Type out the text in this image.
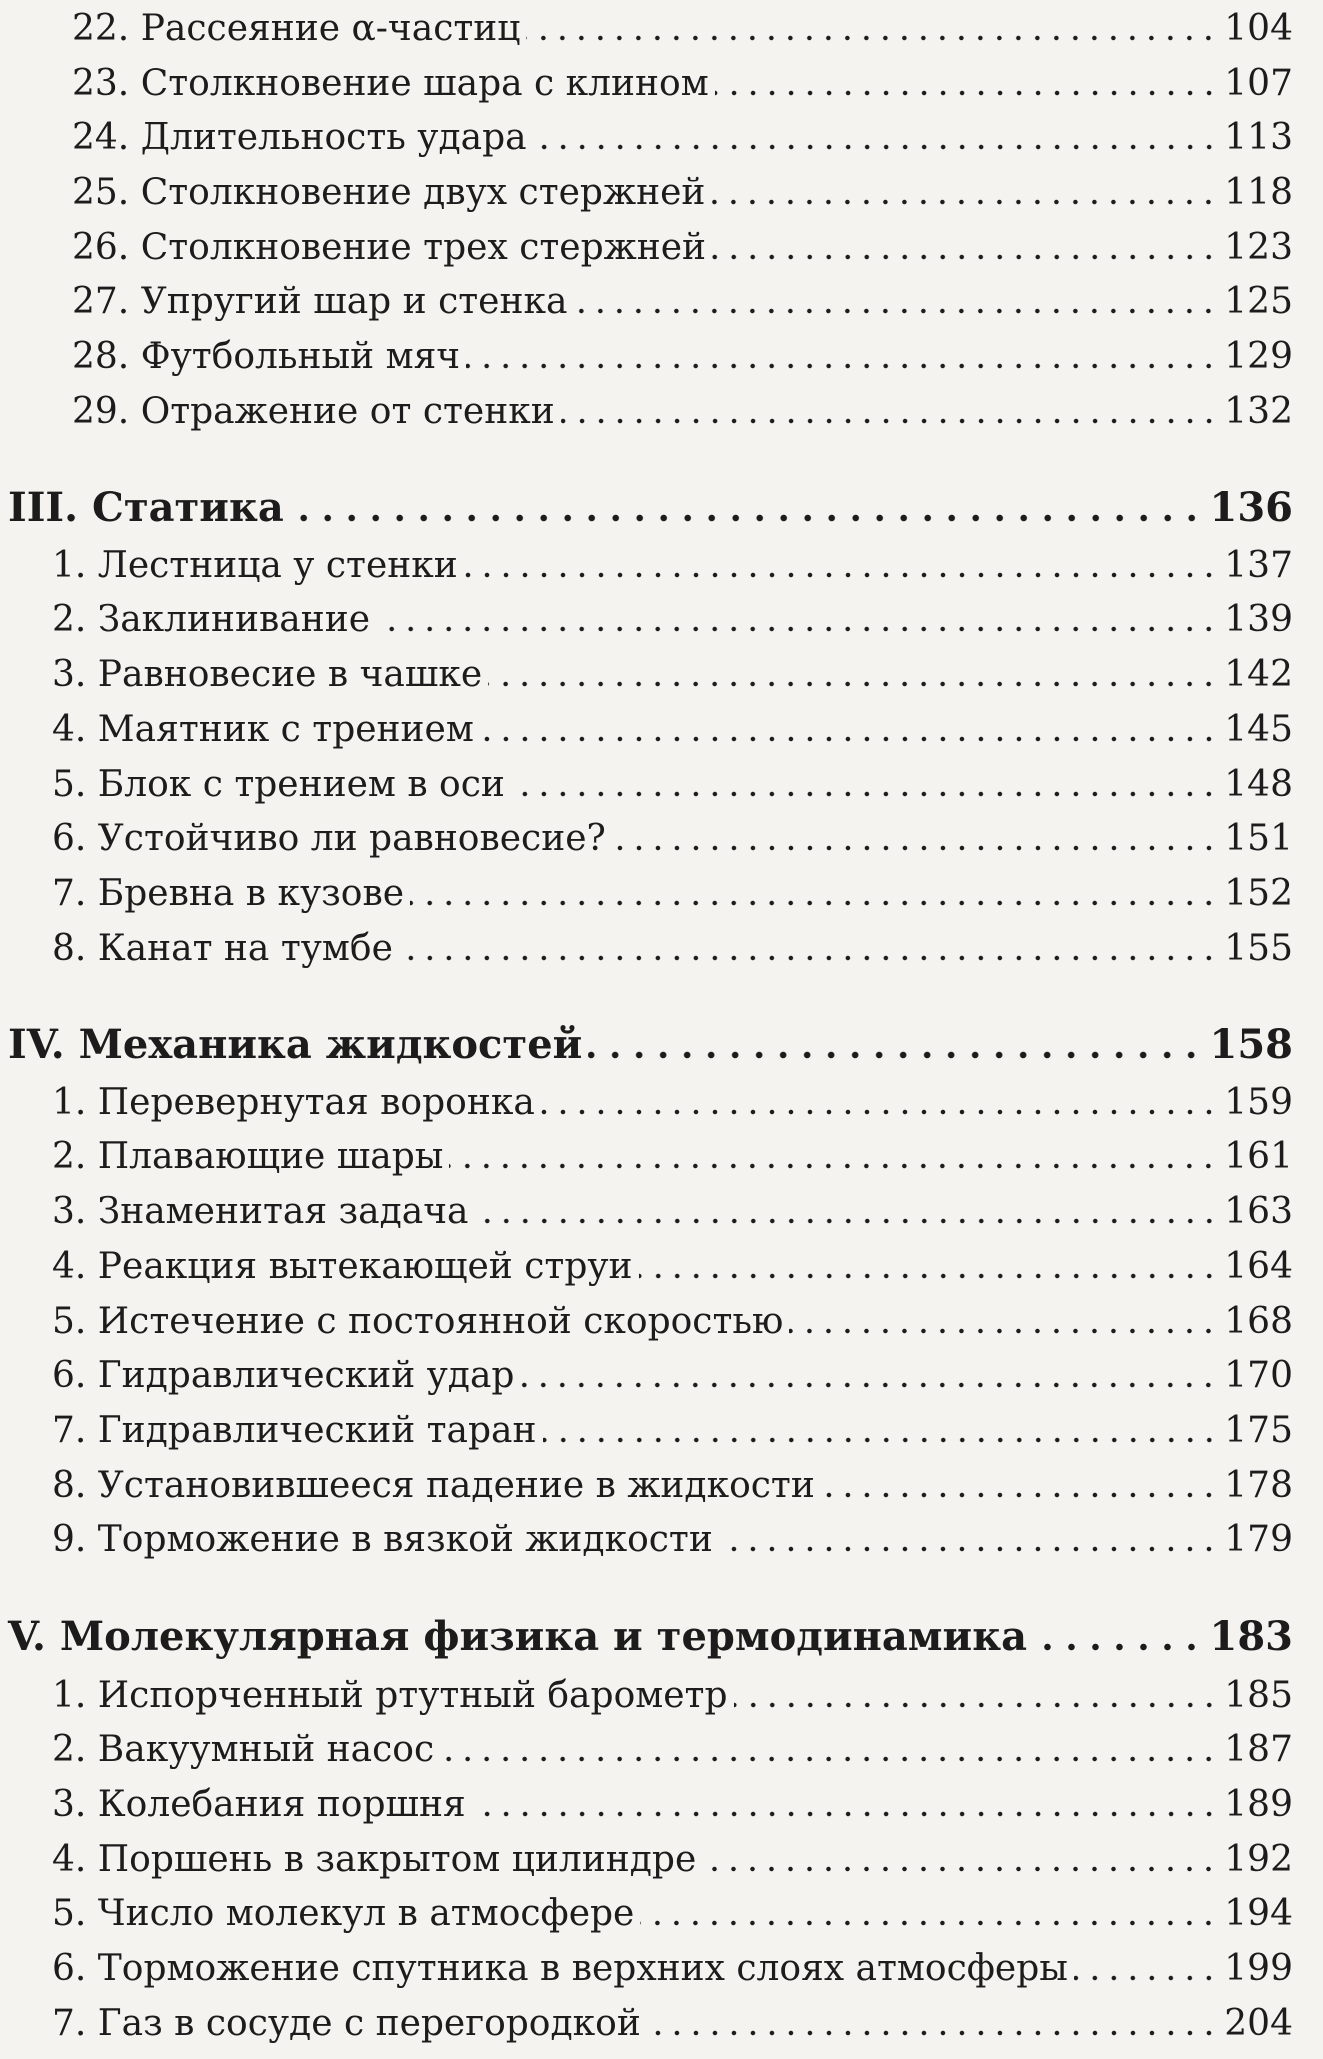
22. Рассеяние α-частиц	104
23. Столкновение шара с клином	107
24. Длительность удара	113
25. Столкновение двух стержней	118
26. Столкновение трех стержней	123
27. Упругий шар и стенка	125
28. Футбольный мяч	129
29. Отражение от стенки	132
III. Статика	136
1. Лестница у стенки	137
2. Заклинивание	139
3. Равновесие в чашке	142
4. Маятник с трением	145
5. Блок с трением в оси	148
6. Устойчиво ли равновесие?	151
7. Бревна в кузове	152
8. Канат на тумбе	155
IV. Механика жидкостей	158
1. Перевернутая воронка	159
2. Плавающие шары	161
3. Знаменитая задача	163
4. Реакция вытекающей струи	164
5. Истечение с постоянной скоростью	168
6. Гидравлический удар	170
7. Гидравлический таран	175
8. Установившееся падение в жидкости	178
9. Торможение в вязкой жидкости	179
V. Молекулярная физика и термодинамика	183
1. Испорченный ртутный барометр	185
2. Вакуумный насос	187
3. Колебания поршня	189
4. Поршень в закрытом цилиндре	192
5. Число молекул в атмосфере	194
6. Торможение спутника в верхних слоях атмосферы	199
7. Газ в сосуде с перегородкой	204
